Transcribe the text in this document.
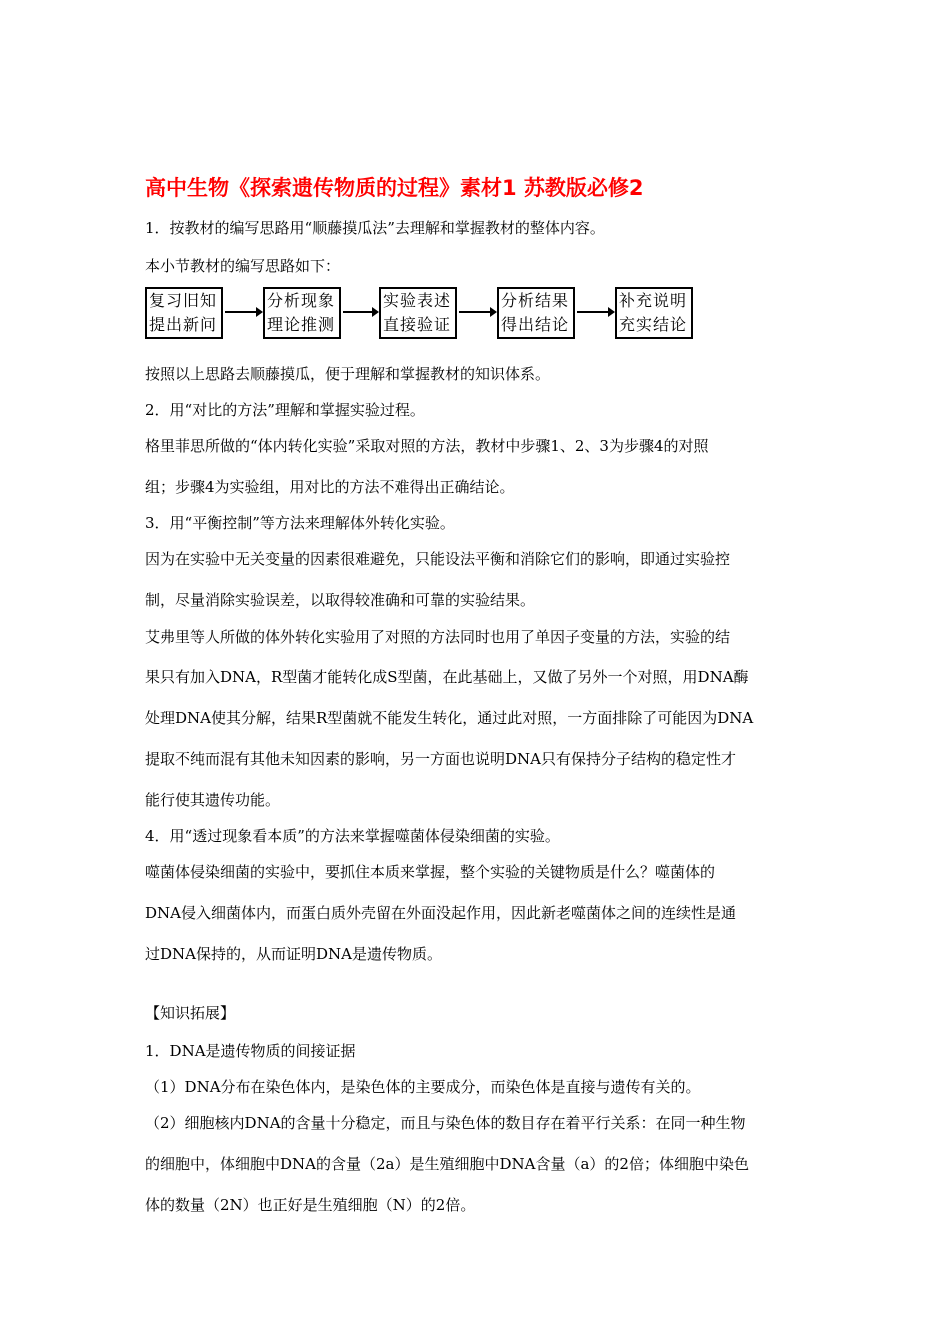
高中生物《探索遗传物质的过程》素材1 苏教版必修2
1．按教材的编写思路用“顺藤摸瓜法”去理解和掌握教材的整体内容。
本小节教材的编写思路如下：
复习旧知
提出新问
分析现象
理论推测
实验表述
直接验证
分析结果
得出结论
补充说明
充实结论
按照以上思路去顺藤摸瓜，便于理解和掌握教材的知识体系。
2．用“对比的方法”理解和掌握实验过程。
格里菲思所做的“体内转化实验”采取对照的方法，教材中步骤1、2、3为步骤4的对照
组；步骤4为实验组，用对比的方法不难得出正确结论。
3．用“平衡控制”等方法来理解体外转化实验。
因为在实验中无关变量的因素很难避免，只能设法平衡和消除它们的影响，即通过实验控
制，尽量消除实验误差，以取得较准确和可靠的实验结果。
艾弗里等人所做的体外转化实验用了对照的方法同时也用了单因子变量的方法，实验的结
果只有加入DNA，R型菌才能转化成S型菌，在此基础上，又做了另外一个对照，用DNA酶
处理DNA使其分解，结果R型菌就不能发生转化，通过此对照，一方面排除了可能因为DNA
提取不纯而混有其他未知因素的影响，另一方面也说明DNA只有保持分子结构的稳定性才
能行使其遗传功能。
4．用“透过现象看本质”的方法来掌握噬菌体侵染细菌的实验。
噬菌体侵染细菌的实验中，要抓住本质来掌握，整个实验的关键物质是什么？噬菌体的
DNA侵入细菌体内，而蛋白质外壳留在外面没起作用，因此新老噬菌体之间的连续性是通
过DNA保持的，从而证明DNA是遗传物质。
【知识拓展】
1．DNA是遗传物质的间接证据
（1）DNA分布在染色体内，是染色体的主要成分，而染色体是直接与遗传有关的。
（2）细胞核内DNA的含量十分稳定，而且与染色体的数目存在着平行关系：在同一种生物
的细胞中，体细胞中DNA的含量（2a）是生殖细胞中DNA含量（a）的2倍；体细胞中染色
体的数量（2N）也正好是生殖细胞（N）的2倍。
